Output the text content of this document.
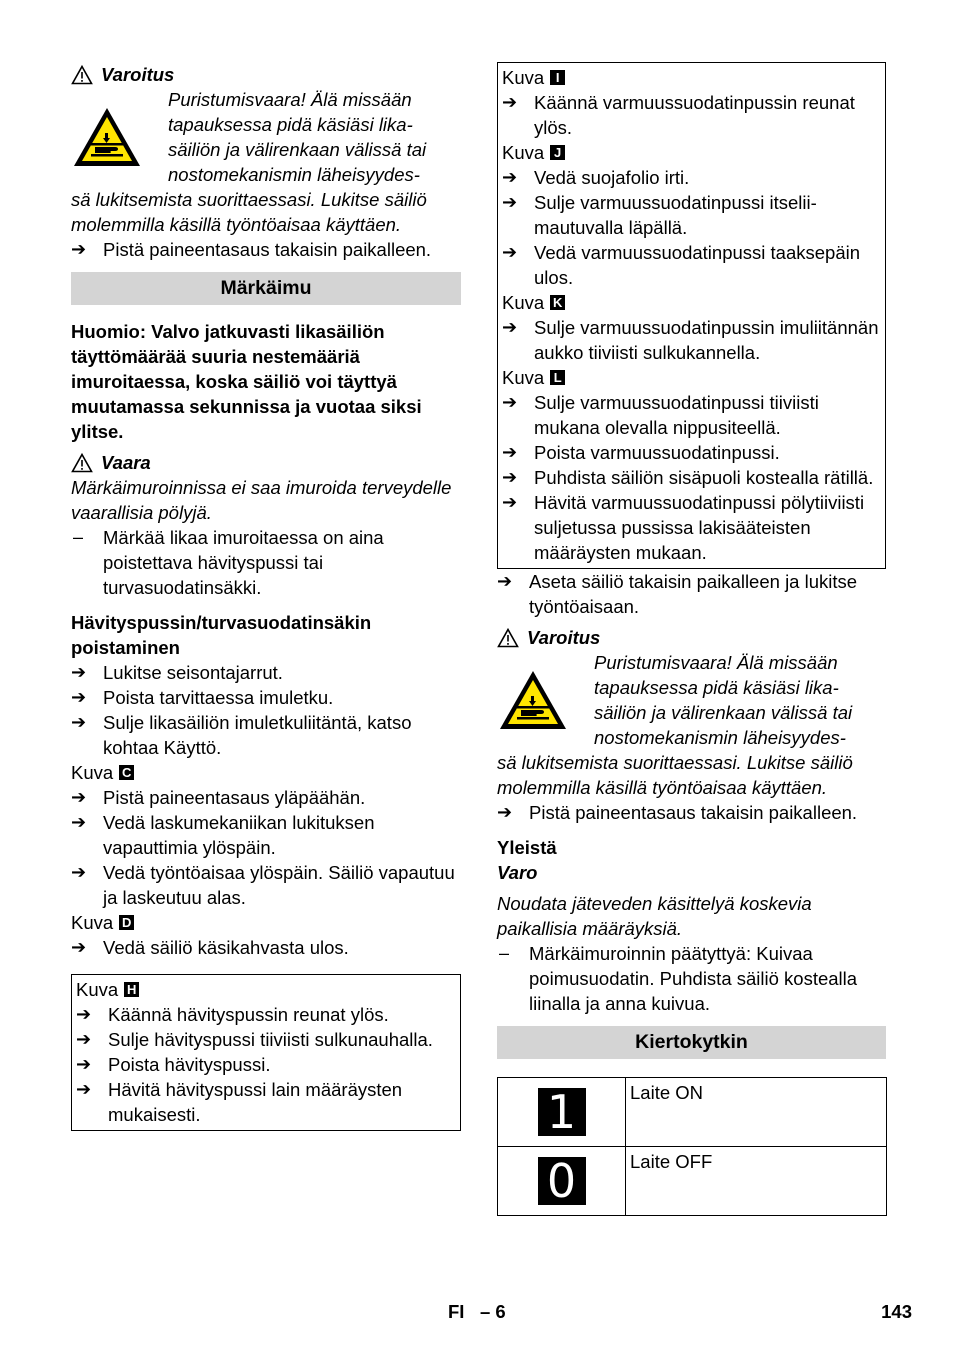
Varoitus
Puristumisvaara! Älä missään
tapauksessa pidä käsiäsi lika-
säiliön ja välirenkaan välissä tai
nostomekanismin läheisyydes-

sä lukitsemista suorittaessasi. Lukitse säiliö molemmilla käsillä työntöaisaa käyttäen.

➔ Pistä paineentasaus takaisin paikalleen.
Märkäimu

Huomio: Valvo jatkuvasti likasäiliön täyttömäärää suuria nestemääriä imuroitaessa, koska säiliö voi täyttyä muutamassa sekunnissa ja vuotaa siksi ylitse.

Vaara

Märkäimuroinnissa ei saa imuroida terveydelle vaarallisia pölyjä.

–	Märkää likaa imuroitaessa on aina poistettava hävityspussi tai turvasuodatinsäkki.

Hävityspussin/turvasuodatinsäkin poistaminen

➔ Lukitse seisontajarrut.
➔ Poista tarvittaessa imuletku.
➔ Sulje likasäiliön imuletkuliitäntä, katso kohtaa Käyttö.
Kuva C
➔ Pistä paineentasaus yläpäähän.
➔ Vedä laskumekaniikan lukituksen vapauttimia ylöspäin.
➔ Vedä työntöaisaa ylöspäin. Säiliö vapautuu ja laskeutuu alas.
Kuva D
➔ Vedä säiliö käsikahvasta ulos.
Kuva H
➔ Käännä hävityspussin reunat ylös.
➔ Sulje hävityspussi tiiviisti sulkunauhalla.
➔ Poista hävityspussi.
➔ Hävitä hävityspussi lain määräysten mukaisesti.
Kuva I
➔ Käännä varmuussuodatinpussin reunat ylös.
Kuva J
➔ Vedä suojafolio irti.
➔ Sulje varmuussuodatinpussi itseliimautuvalla läpällä.
➔ Vedä varmuussuodatinpussi taaksepäin ulos.
Kuva K
➔ Sulje varmuussuodatinpussin imuliitännän aukko tiiviisti sulkukannella.
Kuva L
➔ Sulje varmuussuodatinpussi tiiviisti mukana olevalla nippusiteellä.
➔ Poista varmuussuodatinpussi.
➔ Puhdista säiliön sisäpuoli kostealla rätillä.
➔ Hävitä varmuussuodatinpussi pölytiiviisti suljetussa pussissa lakisääteisten määräysten mukaan.
➔ Aseta säiliö takaisin paikalleen ja lukitse työntöaisaan.
Varoitus
Puristumisvaara! Älä missään
tapauksessa pidä käsiäsi lika-
säiliön ja välirenkaan välissä tai
nostomekanismin läheisyydes-

sä lukitsemista suorittaessasi. Lukitse säiliö molemmilla käsillä työntöaisaa käyttäen.

➔ Pistä paineentasaus takaisin paikalleen.

Yleistä

Varo

Noudata jäteveden käsittelyä koskevia paikallisia määräyksiä.

–	Märkäimuroinnin päätyttyä: Kuivaa poimusuodatin. Puhdista säiliö kostealla liinalla ja anna kuivua.
Kiertokytkin
1	Laite ON
0	Laite OFF
FI – 6	143
